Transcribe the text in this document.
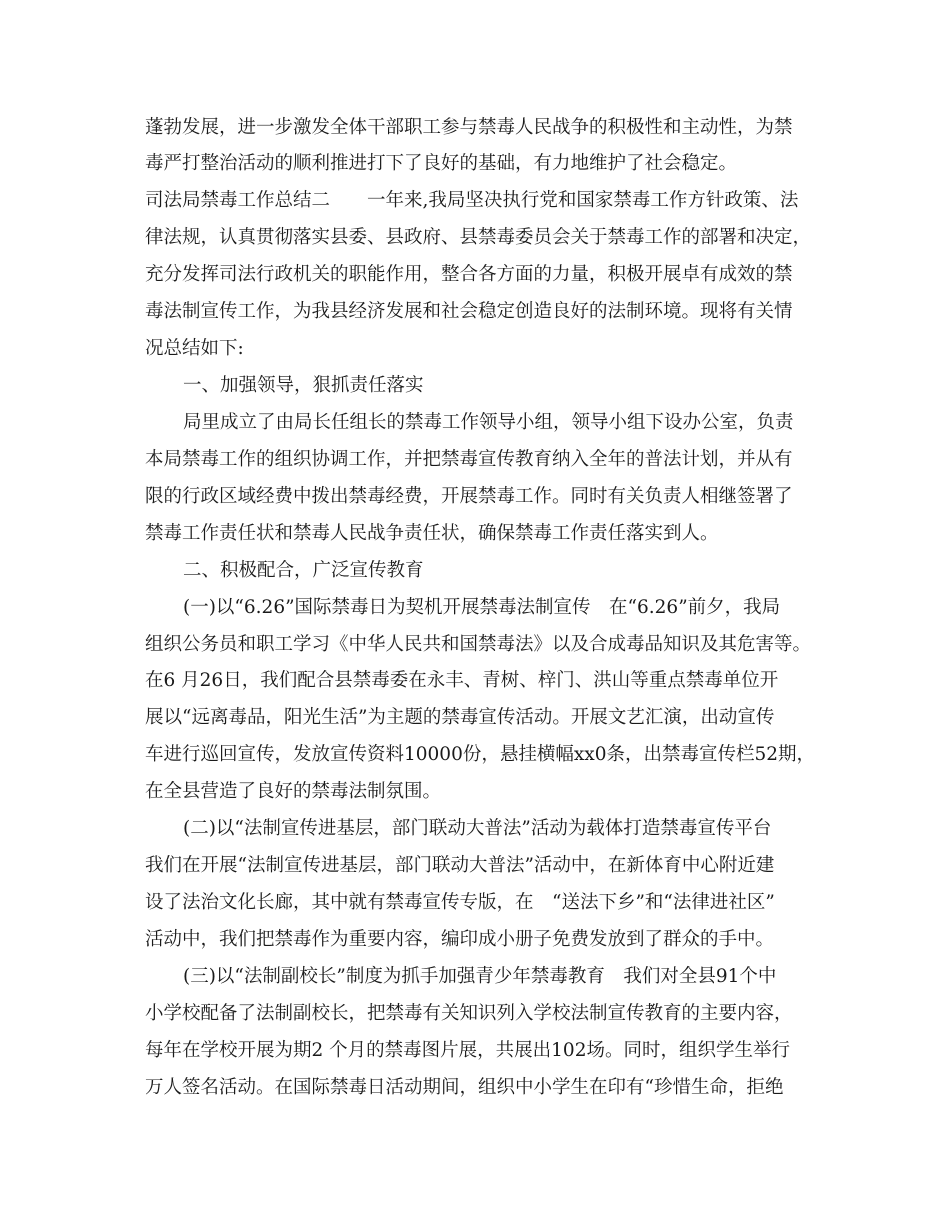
蓬勃发展，进一步激发全体干部职工参与禁毒人民战争的积极性和主动性，为禁
毒严打整治活动的顺利推进打下了良好的基础，有力地维护了社会稳定。
司法局禁毒工作总结二　　一年来,我局坚决执行党和国家禁毒工作方针政策、法
律法规，认真贯彻落实县委、县政府、县禁毒委员会关于禁毒工作的部署和决定，
充分发挥司法行政机关的职能作用，整合各方面的力量，积极开展卓有成效的禁
毒法制宣传工作，为我县经济发展和社会稳定创造良好的法制环境。现将有关情
况总结如下:
一、加强领导，狠抓责任落实
局里成立了由局长任组长的禁毒工作领导小组，领导小组下设办公室，负责
本局禁毒工作的组织协调工作，并把禁毒宣传教育纳入全年的普法计划，并从有
限的行政区域经费中拨出禁毒经费，开展禁毒工作。同时有关负责人相继签署了
禁毒工作责任状和禁毒人民战争责任状，确保禁毒工作责任落实到人。
二、积极配合，广泛宣传教育
(一)以“6.26”国际禁毒日为契机开展禁毒法制宣传　在“6.26”前夕，我局
组织公务员和职工学习《中华人民共和国禁毒法》以及合成毒品知识及其危害等。
在6 月26日，我们配合县禁毒委在永丰、青树、梓门、洪山等重点禁毒单位开
展以“远离毒品，阳光生活”为主题的禁毒宣传活动。开展文艺汇演，出动宣传
车进行巡回宣传，发放宣传资料10000份，悬挂横幅xx0条，出禁毒宣传栏52期，
在全县营造了良好的禁毒法制氛围。
(二)以“法制宣传进基层，部门联动大普法”活动为载体打造禁毒宣传平台
我们在开展“法制宣传进基层，部门联动大普法”活动中，在新体育中心附近建
设了法治文化长廊，其中就有禁毒宣传专版，在　“送法下乡”和“法律进社区”
活动中，我们把禁毒作为重要内容，编印成小册子免费发放到了群众的手中。
(三)以“法制副校长”制度为抓手加强青少年禁毒教育　我们对全县91个中
小学校配备了法制副校长，把禁毒有关知识列入学校法制宣传教育的主要内容，
每年在学校开展为期2 个月的禁毒图片展，共展出102场。同时，组织学生举行
万人签名活动。在国际禁毒日活动期间，组织中小学生在印有“珍惜生命，拒绝
